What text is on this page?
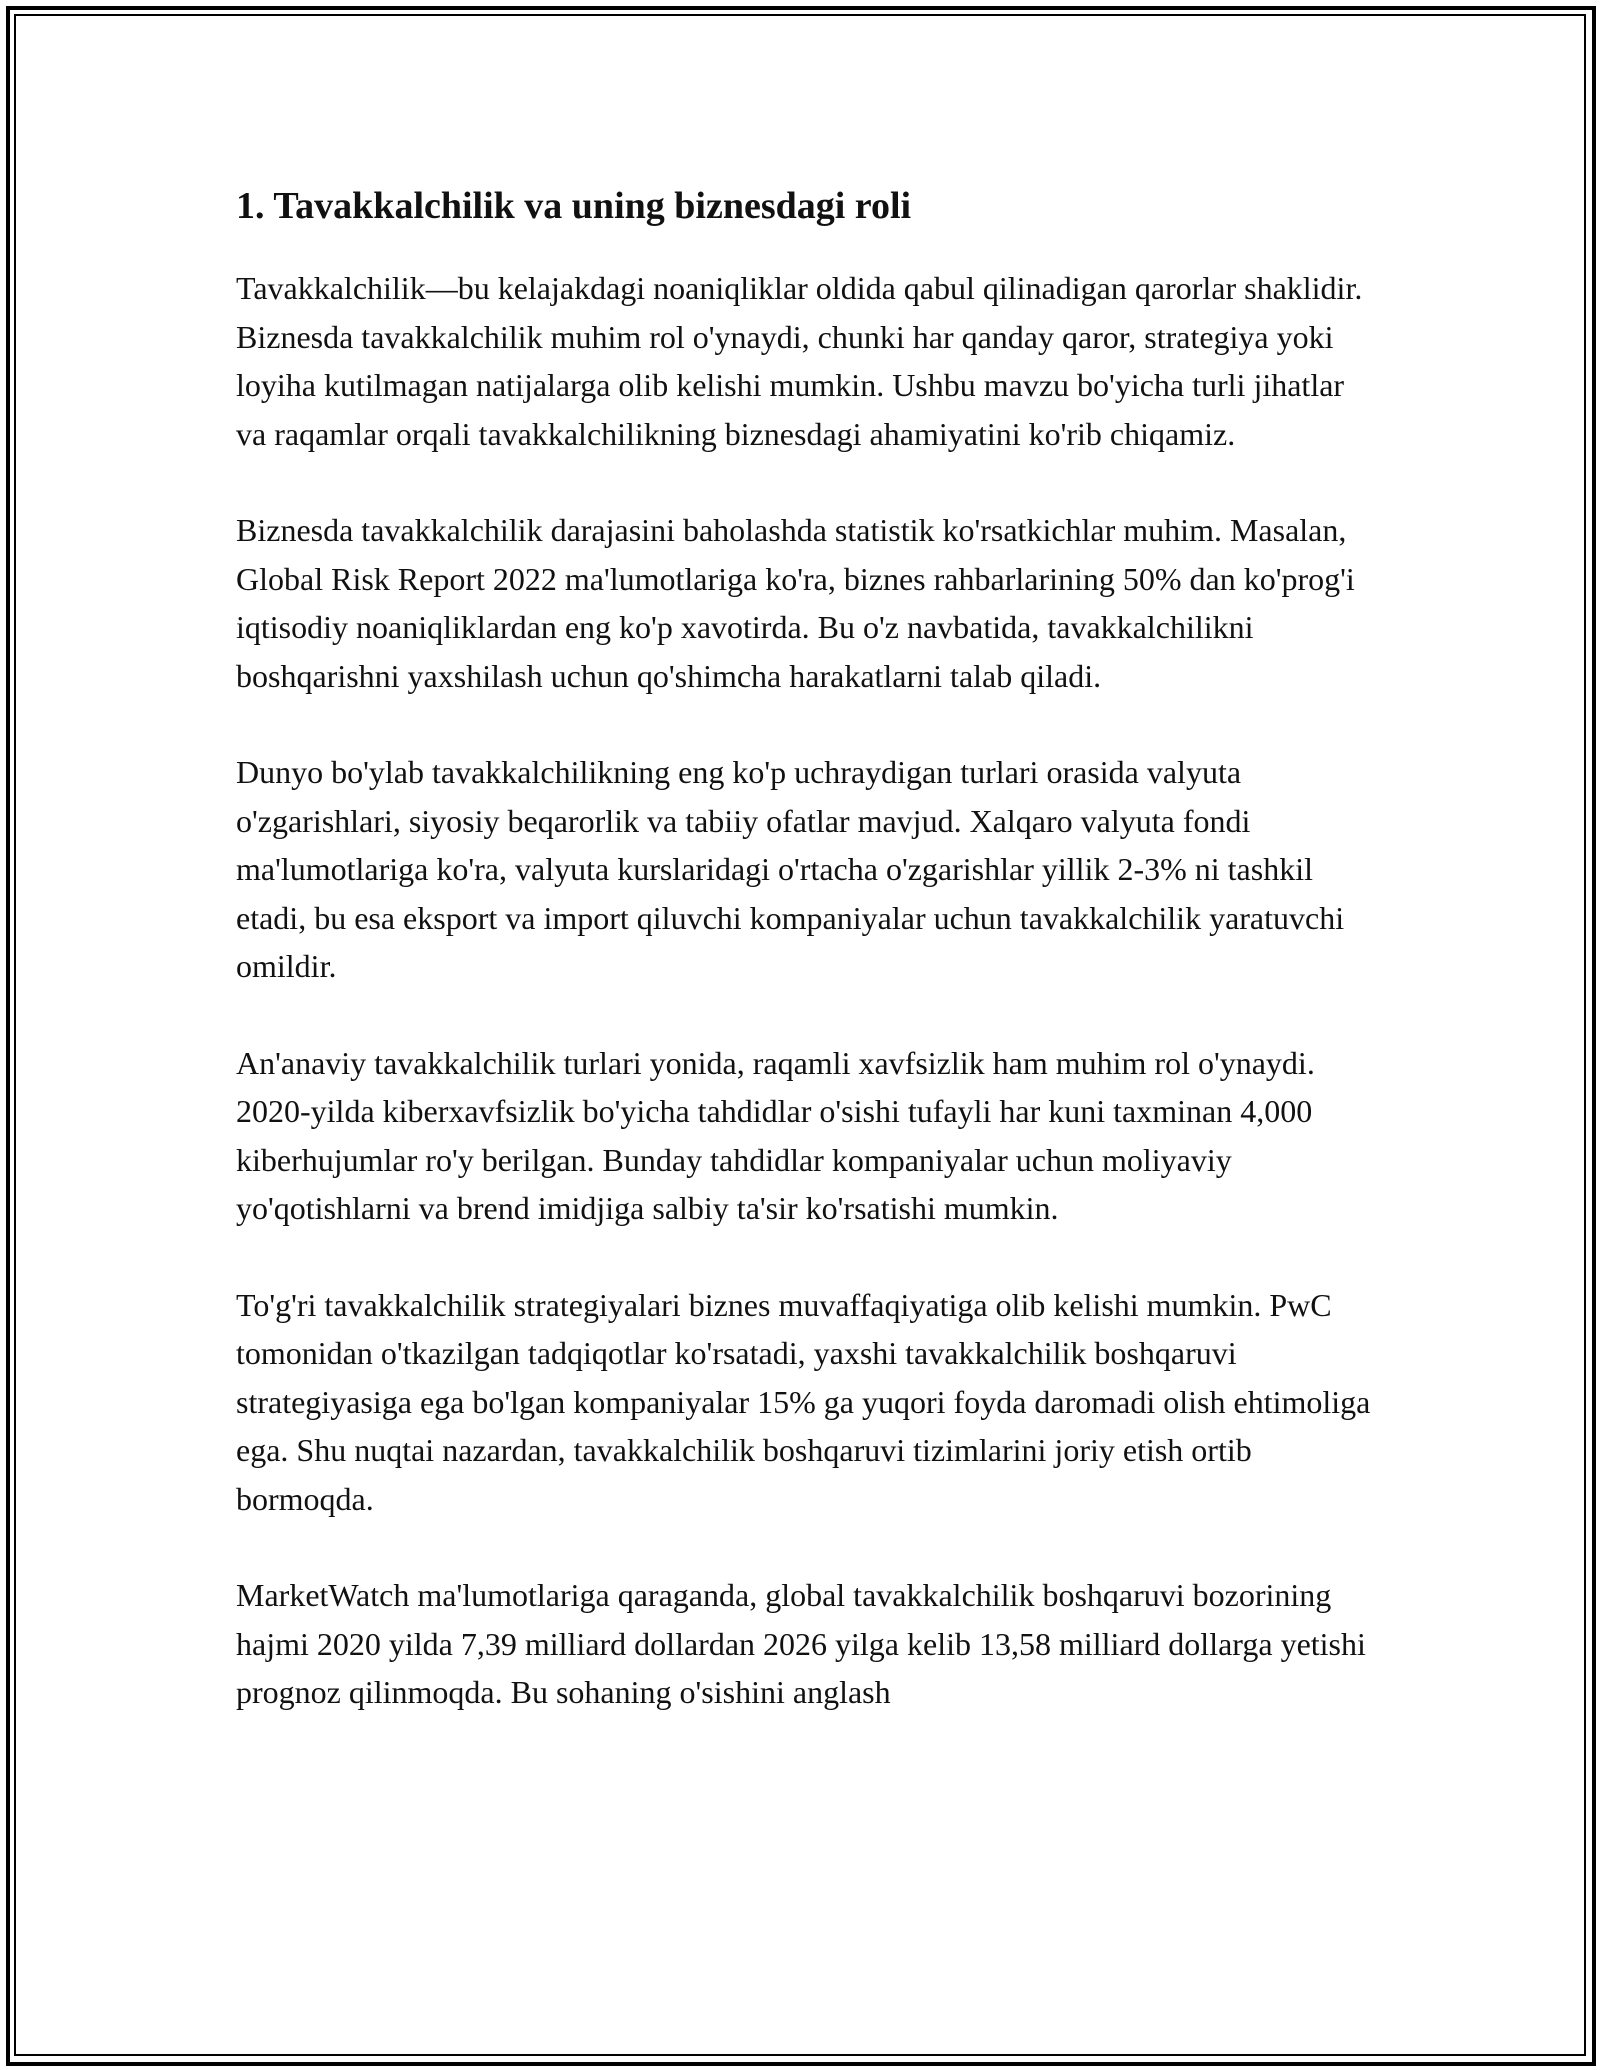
1. Tavakkalchilik va uning biznesdagi roli

Tavakkalchilik—bu kelajakdagi noaniqliklar oldida qabul qilinadigan qarorlar shaklidir. Biznesda tavakkalchilik muhim rol o'ynaydi, chunki har qanday qaror, strategiya yoki loyiha kutilmagan natijalarga olib kelishi mumkin. Ushbu mavzu bo'yicha turli jihatlar va raqamlar orqali tavakkalchilikning biznesdagi ahamiyatini ko'rib chiqamiz.

Biznesda tavakkalchilik darajasini baholashda statistik ko'rsatkichlar muhim. Masalan, Global Risk Report 2022 ma'lumotlariga ko'ra, biznes rahbarlarining 50% dan ko'prog'i iqtisodiy noaniqliklardan eng ko'p xavotirda. Bu o'z navbatida, tavakkalchilikni boshqarishni yaxshilash uchun qo'shimcha harakatlarni talab qiladi.

Dunyo bo'ylab tavakkalchilikning eng ko'p uchraydigan turlari orasida valyuta o'zgarishlari, siyosiy beqarorlik va tabiiy ofatlar mavjud. Xalqaro valyuta fondi ma'lumotlariga ko'ra, valyuta kurslaridagi o'rtacha o'zgarishlar yillik 2-3% ni tashkil etadi, bu esa eksport va import qiluvchi kompaniyalar uchun tavakkalchilik yaratuvchi omildir.

An'anaviy tavakkalchilik turlari yonida, raqamli xavfsizlik ham muhim rol o'ynaydi. 2020-yilda kiberxavfsizlik bo'yicha tahdidlar o'sishi tufayli har kuni taxminan 4,000 kiberhujumlar ro'y berilgan. Bunday tahdidlar kompaniyalar uchun moliyaviy yo'qotishlarni va brend imidjiga salbiy ta'sir ko'rsatishi mumkin.

To'g'ri tavakkalchilik strategiyalari biznes muvaffaqiyatiga olib kelishi mumkin. PwC tomonidan o'tkazilgan tadqiqotlar ko'rsatadi, yaxshi tavakkalchilik boshqaruvi strategiyasiga ega bo'lgan kompaniyalar 15% ga yuqori foyda daromadi olish ehtimoliga ega. Shu nuqtai nazardan, tavakkalchilik boshqaruvi tizimlarini joriy etish ortib bormoqda.

MarketWatch ma'lumotlariga qaraganda, global tavakkalchilik boshqaruvi bozorining hajmi 2020 yilda 7,39 milliard dollardan 2026 yilga kelib 13,58 milliard dollarga yetishi prognoz qilinmoqda. Bu sohaning o'sishini anglash
